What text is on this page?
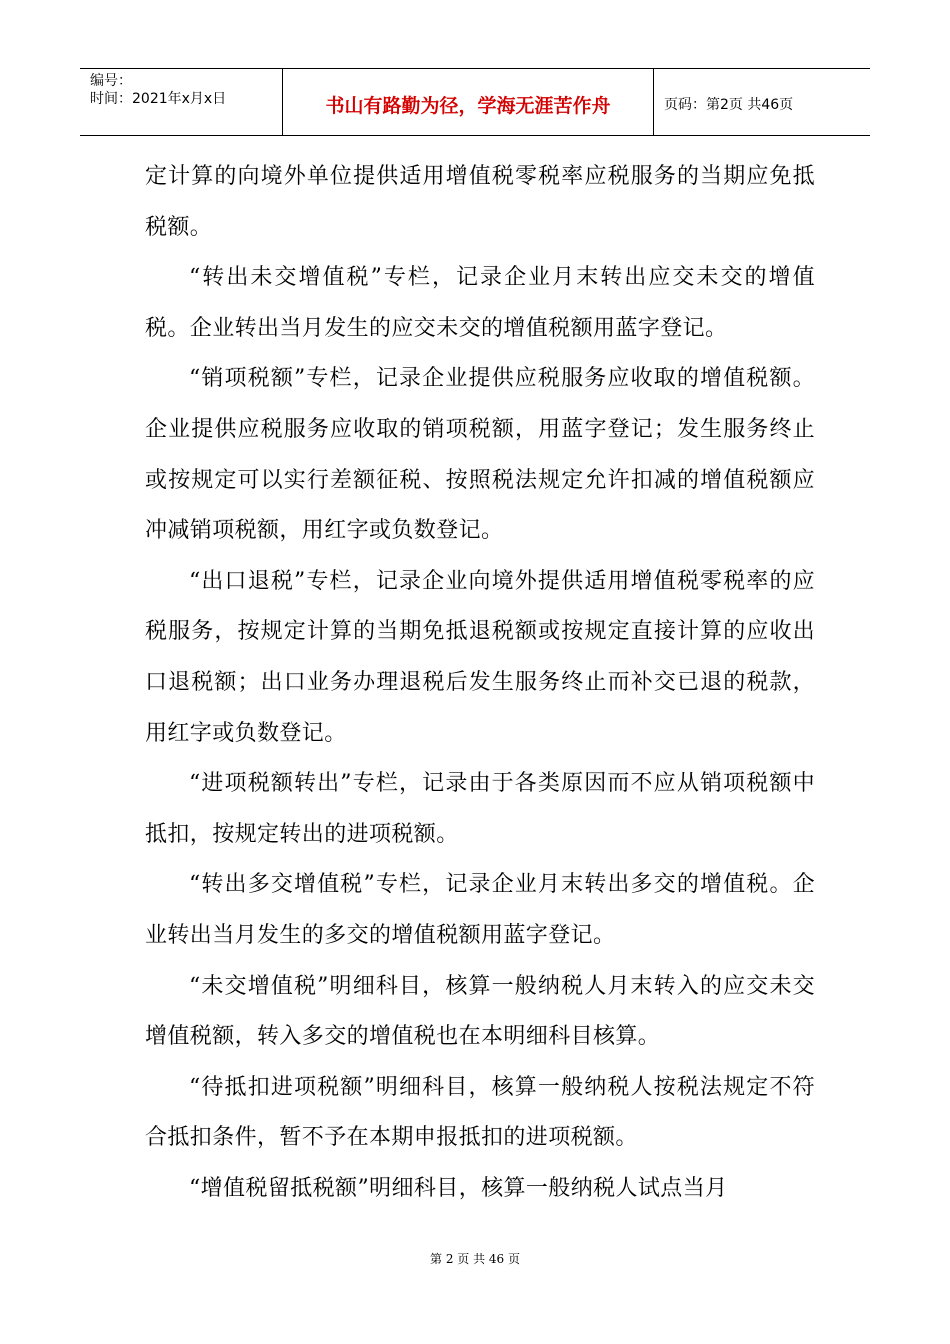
编号：
时间：2021年x月x日	书山有路勤为径，学海无涯苦作舟	页码：第2页 共46页

定计算的向境外单位提供适用增值税零税率应税服务的当期应免抵税额。

“转出未交增值税”专栏，记录企业月末转出应交未交的增值税。企业转出当月发生的应交未交的增值税额用蓝字登记。

“销项税额”专栏，记录企业提供应税服务应收取的增值税额。企业提供应税服务应收取的销项税额，用蓝字登记；发生服务终止或按规定可以实行差额征税、按照税法规定允许扣减的增值税额应冲减销项税额，用红字或负数登记。

“出口退税”专栏，记录企业向境外提供适用增值税零税率的应税服务，按规定计算的当期免抵退税额或按规定直接计算的应收出口退税额；出口业务办理退税后发生服务终止而补交已退的税款，用红字或负数登记。

“进项税额转出”专栏，记录由于各类原因而不应从销项税额中抵扣，按规定转出的进项税额。

“转出多交增值税”专栏，记录企业月末转出多交的增值税。企业转出当月发生的多交的增值税额用蓝字登记。

“未交增值税”明细科目，核算一般纳税人月末转入的应交未交增值税额，转入多交的增值税也在本明细科目核算。

“待抵扣进项税额”明细科目，核算一般纳税人按税法规定不符合抵扣条件，暂不予在本期申报抵扣的进项税额。

“增值税留抵税额”明细科目，核算一般纳税人试点当月

第 2 页 共 46 页
